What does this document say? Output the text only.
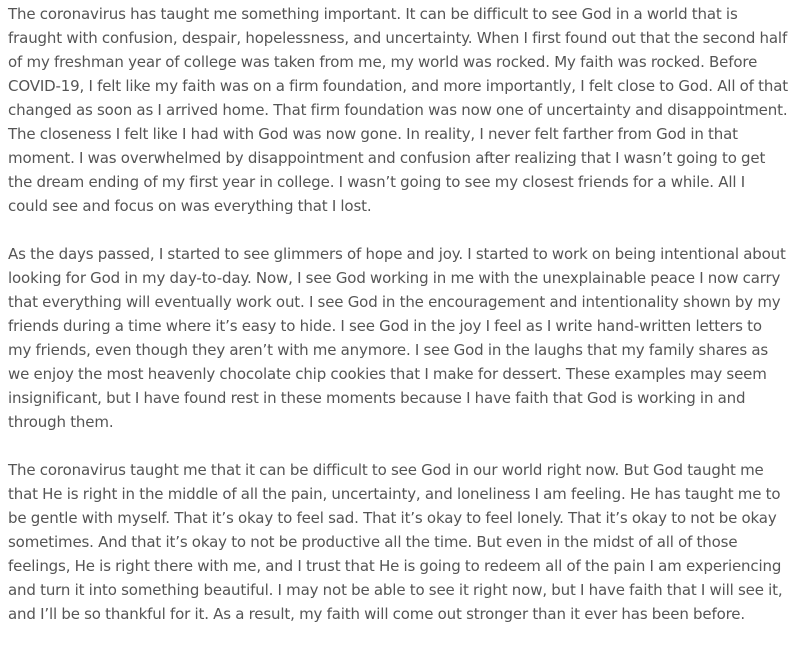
The coronavirus has taught me something important. It can be difficult to see God in a world that is fraught with confusion, despair, hopelessness, and uncertainty. When I first found out that the second half of my freshman year of college was taken from me, my world was rocked. My faith was rocked. Before COVID-19, I felt like my faith was on a firm foundation, and more importantly, I felt close to God. All of that changed as soon as I arrived home. That firm foundation was now one of uncertainty and disappointment. The closeness I felt like I had with God was now gone. In reality, I never felt farther from God in that moment. I was overwhelmed by disappointment and confusion after realizing that I wasn’t going to get the dream ending of my first year in college. I wasn’t going to see my closest friends for a while. All I could see and focus on was everything that I lost.

As the days passed, I started to see glimmers of hope and joy. I started to work on being intentional about looking for God in my day-to-day. Now, I see God working in me with the unexplainable peace I now carry that everything will eventually work out. I see God in the encouragement and intentionality shown by my friends during a time where it’s easy to hide. I see God in the joy I feel as I write hand-written letters to my friends, even though they aren’t with me anymore. I see God in the laughs that my family shares as we enjoy the most heavenly chocolate chip cookies that I make for dessert. These examples may seem insignificant, but I have found rest in these moments because I have faith that God is working in and through them.

The coronavirus taught me that it can be difficult to see God in our world right now. But God taught me that He is right in the middle of all the pain, uncertainty, and loneliness I am feeling. He has taught me to be gentle with myself. That it’s okay to feel sad. That it’s okay to feel lonely. That it’s okay to not be okay sometimes. And that it’s okay to not be productive all the time. But even in the midst of all of those feelings, He is right there with me, and I trust that He is going to redeem all of the pain I am experiencing and turn it into something beautiful. I may not be able to see it right now, but I have faith that I will see it, and I’ll be so thankful for it. As a result, my faith will come out stronger than it ever has been before.
